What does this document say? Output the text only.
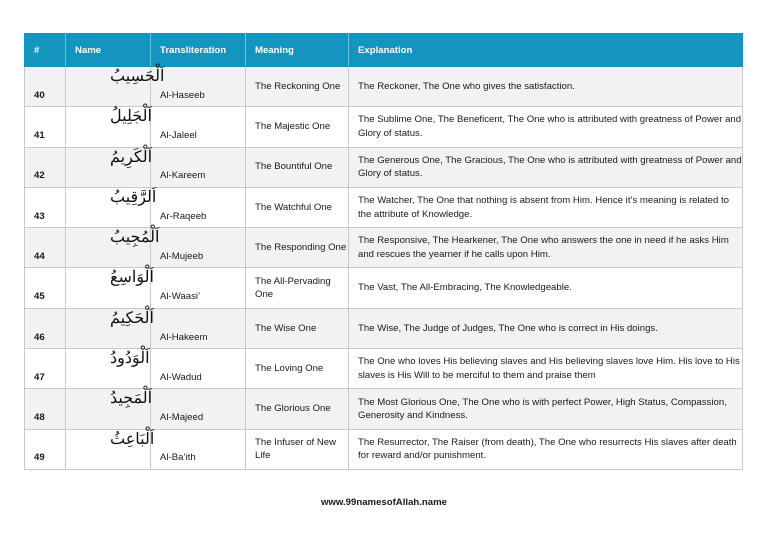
#	Name	Transliteration	Meaning	Explanation
40	اَلْحَسِيبُ	Al-Haseeb	The Reckoning One	The Reckoner, The One who gives the satisfaction.
41	اَلْجَلِيلُ	Al-Jaleel	The Majestic One	The Sublime One, The Beneficent, The One who is attributed with greatness of Power and Glory of status.
42	اَلْكَرِيمُ	Al-Kareem	The Bountiful One	The Generous One, The Gracious, The One who is attributed with greatness of Power and Glory of status.
43	اَلرَّقِيبُ	Ar-Raqeeb	The Watchful One	The Watcher, The One that nothing is absent from Him. Hence it’s meaning is related to the attribute of Knowledge.
44	اَلْمُجِيبُ	Al-Mujeeb	The Responding One	The Responsive, The Hearkener, The One who answers the one in need if he asks Him and rescues the yearner if he calls upon Him.
45	اَلْوَاسِعُ	Al-Waasi’	The All-Pervading One	The Vast, The All-Embracing, The Knowledgeable.
46	اَلْحَكِيمُ	Al-Hakeem	The Wise One	The Wise, The Judge of Judges, The One who is correct in His doings.
47	اَلْوَدُودُ	Al-Wadud	The Loving One	The One who loves His believing slaves and His believing slaves love Him. His love to His slaves is His Will to be merciful to them and praise them
48	اَلْمَجِيدُ	Al-Majeed	The Glorious One	The Most Glorious One, The One who is with perfect Power, High Status, Compassion, Generosity and Kindness.
49	اَلْبَاعِثُ	Al-Ba’ith	The Infuser of New Life	The Resurrector, The Raiser (from death), The One who resurrects His slaves after death for reward and/or punishment.
www.99namesofAllah.name
